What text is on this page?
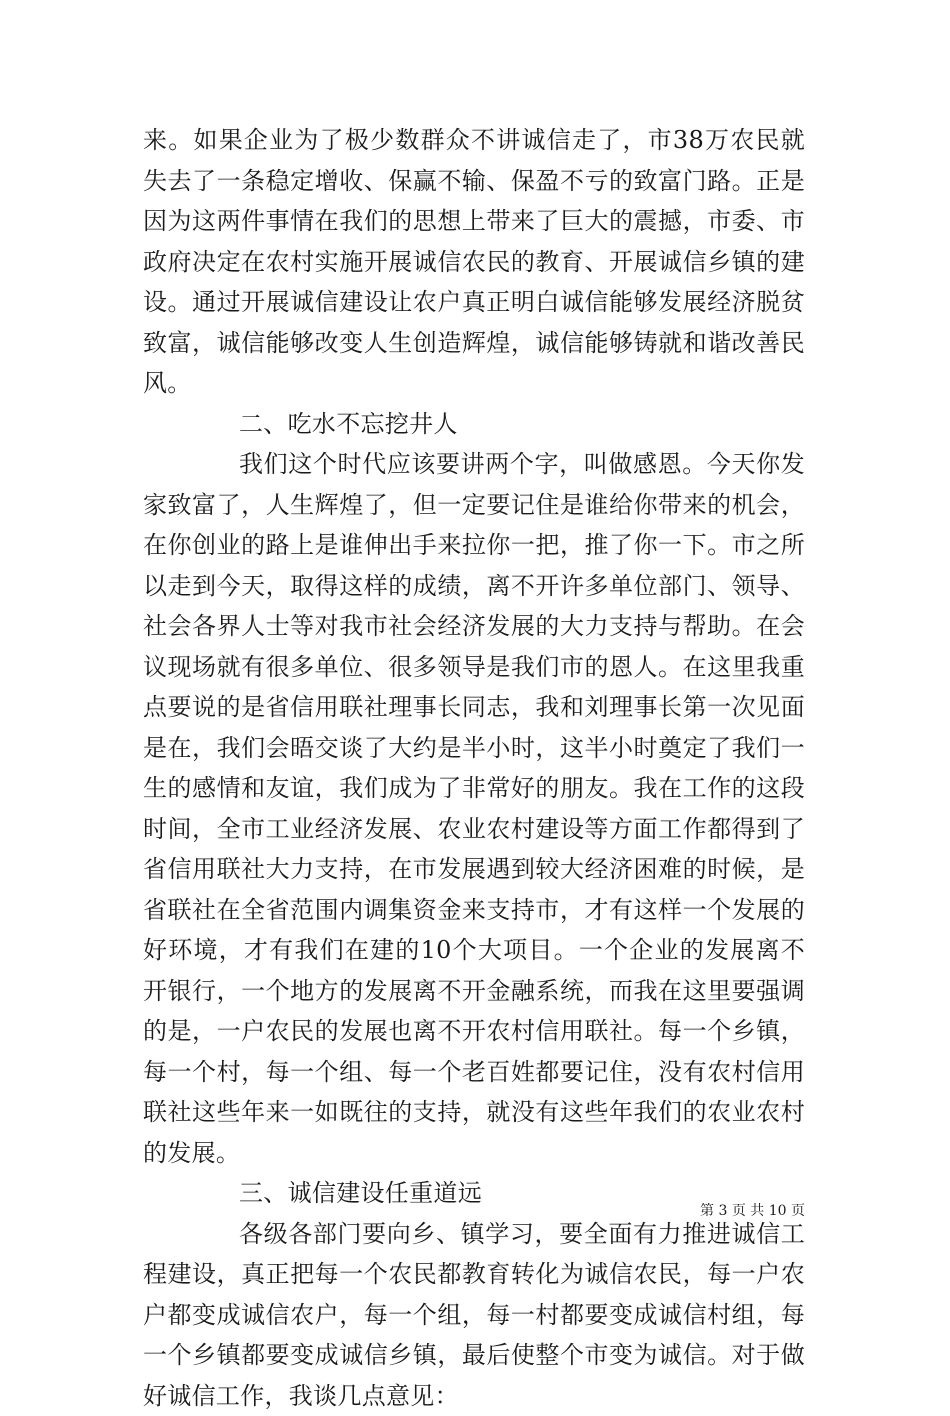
来。如果企业为了极少数群众不讲诚信走了，市38万农民就失去了一条稳定增收、保赢不输、保盈不亏的致富门路。正是因为这两件事情在我们的思想上带来了巨大的震撼，市委、市政府决定在农村实施开展诚信农民的教育、开展诚信乡镇的建设。通过开展诚信建设让农户真正明白诚信能够发展经济脱贫致富，诚信能够改变人生创造辉煌，诚信能够铸就和谐改善民风。

二、吃水不忘挖井人

我们这个时代应该要讲两个字，叫做感恩。今天你发家致富了，人生辉煌了，但一定要记住是谁给你带来的机会，在你创业的路上是谁伸出手来拉你一把，推了你一下。市之所以走到今天，取得这样的成绩，离不开许多单位部门、领导、社会各界人士等对我市社会经济发展的大力支持与帮助。在会议现场就有很多单位、很多领导是我们市的恩人。在这里我重点要说的是省信用联社理事长同志，我和刘理事长第一次见面是在，我们会晤交谈了大约是半小时，这半小时奠定了我们一生的感情和友谊，我们成为了非常好的朋友。我在工作的这段时间，全市工业经济发展、农业农村建设等方面工作都得到了省信用联社大力支持，在市发展遇到较大经济困难的时候，是省联社在全省范围内调集资金来支持市，才有这样一个发展的好环境，才有我们在建的10个大项目。一个企业的发展离不开银行，一个地方的发展离不开金融系统，而我在这里要强调的是，一户农民的发展也离不开农村信用联社。每一个乡镇，每一个村，每一个组、每一个老百姓都要记住，没有农村信用联社这些年来一如既往的支持，就没有这些年我们的农业农村的发展。

三、诚信建设任重道远

各级各部门要向乡、镇学习，要全面有力推进诚信工程建设，真正把每一个农民都教育转化为诚信农民，每一户农户都变成诚信农户，每一个组，每一村都要变成诚信村组，每一个乡镇都要变成诚信乡镇，最后使整个市变为诚信。对于做好诚信工作，我谈几点意见：

第 3 页 共 10 页
